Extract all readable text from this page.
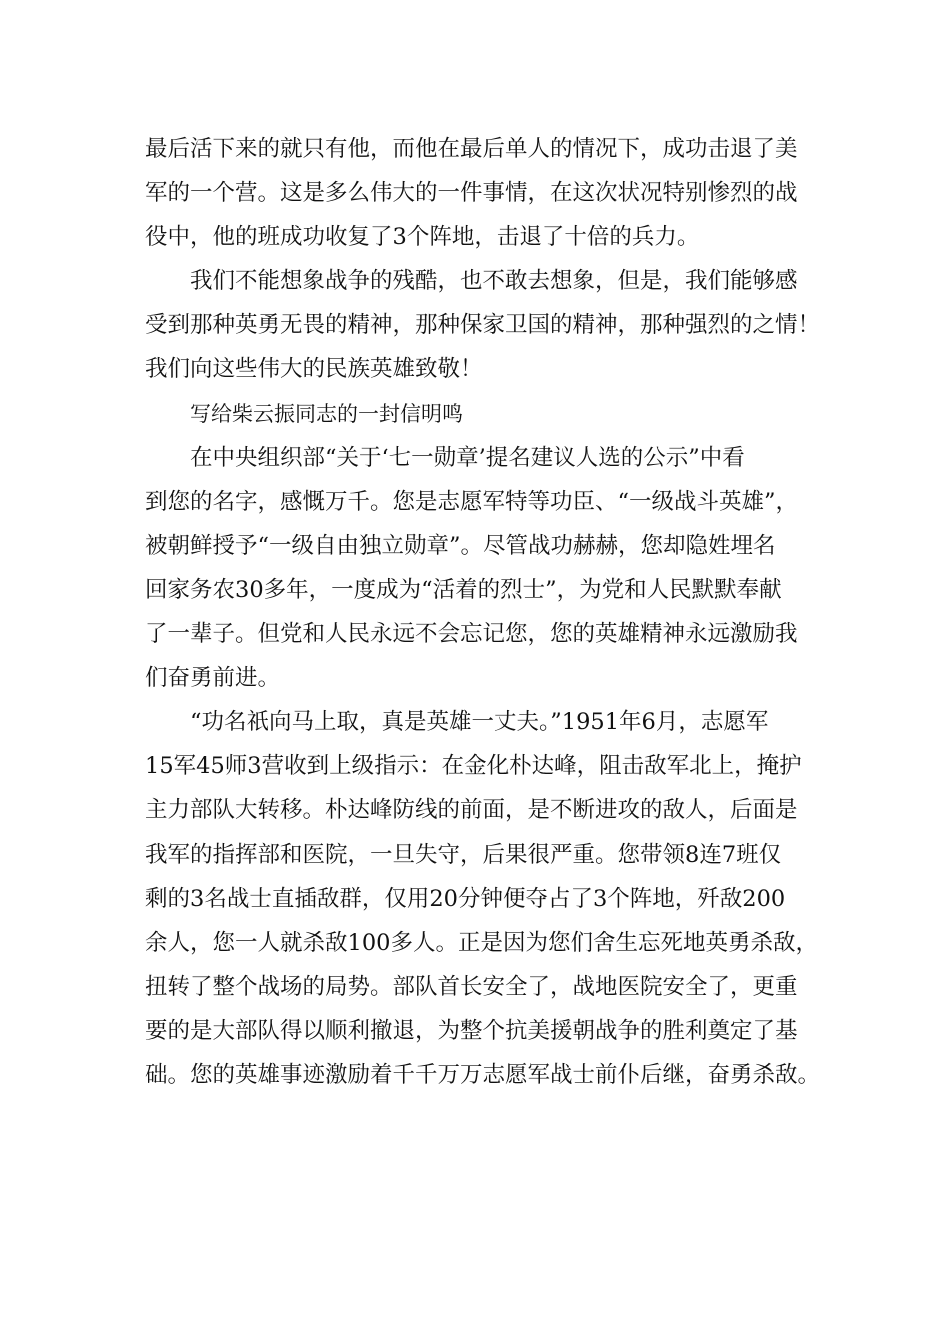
最后活下来的就只有他，而他在最后单人的情况下，成功击退了美
军的一个营。这是多么伟大的一件事情，在这次状况特别惨烈的战
役中，他的班成功收复了3个阵地，击退了十倍的兵力。
我们不能想象战争的残酷，也不敢去想象，但是，我们能够感
受到那种英勇无畏的精神，那种保家卫国的精神，那种强烈的之情！
我们向这些伟大的民族英雄致敬！
写给柴云振同志的一封信明鸣
在中央组织部“关于‘七一勋章’提名建议人选的公示”中看
到您的名字，感慨万千。您是志愿军特等功臣、“一级战斗英雄”，
被朝鲜授予“一级自由独立勋章”。尽管战功赫赫，您却隐姓埋名
回家务农30多年，一度成为“活着的烈士”，为党和人民默默奉献
了一辈子。但党和人民永远不会忘记您，您的英雄精神永远激励我
们奋勇前进。
“功名祇向马上取，真是英雄一丈夫。”1951年6月，志愿军
15军45师3营收到上级指示：在金化朴达峰，阻击敌军北上，掩护
主力部队大转移。朴达峰防线的前面，是不断进攻的敌人，后面是
我军的指挥部和医院，一旦失守，后果很严重。您带领8连7班仅
剩的3名战士直插敌群，仅用20分钟便夺占了3个阵地，歼敌200
余人，您一人就杀敌100多人。正是因为您们舍生忘死地英勇杀敌，
扭转了整个战场的局势。部队首长安全了，战地医院安全了，更重
要的是大部队得以顺利撤退，为整个抗美援朝战争的胜利奠定了基
础。您的英雄事迹激励着千千万万志愿军战士前仆后继，奋勇杀敌。
